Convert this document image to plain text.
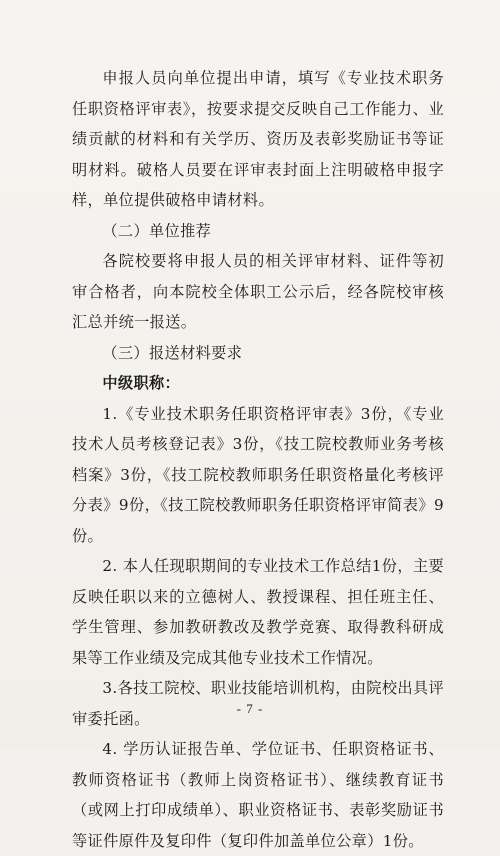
申报人员向单位提出申请，填写《专业技术职务任职资格评审表》，按要求提交反映自己工作能力、业绩贡献的材料和有关学历、资历及表彰奖励证书等证明材料。破格人员要在评审表封面上注明破格申报字样，单位提供破格申请材料。

（二）单位推荐

各院校要将申报人员的相关评审材料、证件等初审合格者，向本院校全体职工公示后，经各院校审核汇总并统一报送。

（三）报送材料要求

中级职称：

1.《专业技术职务任职资格评审表》3份，《专业技术人员考核登记表》3份，《技工院校教师业务考核档案》3份，《技工院校教师职务任职资格量化考核评分表》9份，《技工院校教师职务任职资格评审简表》9份。

2. 本人任现职期间的专业技术工作总结1份，主要反映任职以来的立德树人、教授课程、担任班主任、学生管理、参加教研教改及教学竞赛、取得教科研成果等工作业绩及完成其他专业技术工作情况。

3.各技工院校、职业技能培训机构，由院校出具评审委托函。

4. 学历认证报告单、学位证书、任职资格证书、教师资格证书（教师上岗资格证书）、继续教育证书（或网上打印成绩单）、职业资格证书、表彰奖励证书等证件原件及复印件（复印件加盖单位公章）1份。

- 7 -
